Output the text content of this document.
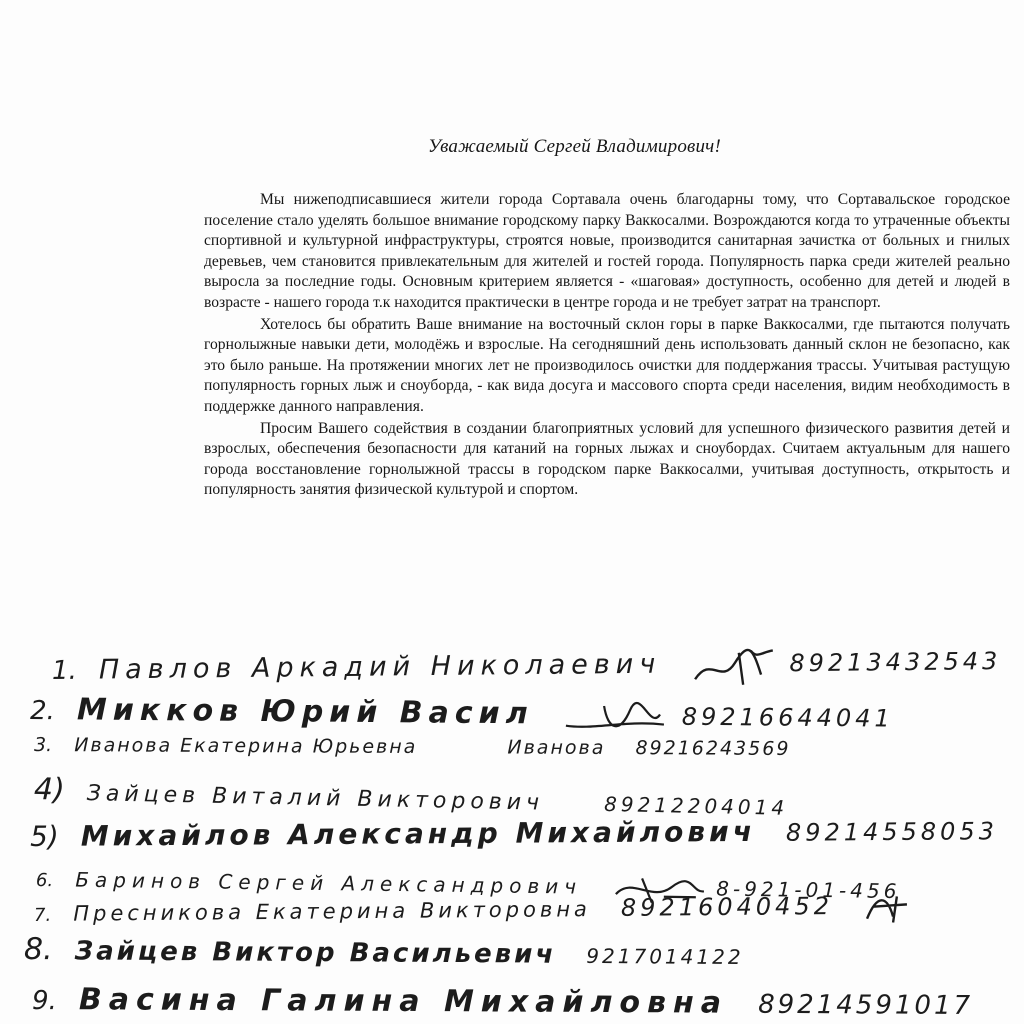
Уважаемый Сергей Владимирович!

Мы нижеподписавшиеся жители города Сортавала очень благодарны тому, что Сортавальское городское поселение стало уделять большое внимание городскому парку Ваккосалми. Возрождаются когда то утраченные объекты спортивной и культурной инфраструктуры, строятся новые, производится санитарная зачистка от больных и гнилых деревьев, чем становится привлекательным для жителей и гостей города. Популярность парка среди жителей реально выросла за последние годы. Основным критерием является - «шаговая» доступность, особенно для детей и людей в возрасте - нашего города т.к находится практически в центре города и не требует затрат на транспорт.

Хотелось бы обратить Ваше внимание на восточный склон горы в парке Ваккосалми, где пытаются получать горнолыжные навыки дети, молодёжь и взрослые. На сегодняшний день использовать данный склон не безопасно, как это было раньше. На протяжении многих лет не производилось очистки для поддержания трассы. Учитывая растущую популярность горных лыж и сноуборда, - как вида досуга и массового спорта среди населения, видим необходимость в поддержке данного направления.

Просим Вашего содействия в создании благоприятных условий для успешного физического развития детей и взрослых, обеспечения безопасности для катаний на горных лыжах и сноубордах. Считаем актуальным для нашего города восстановление горнолыжной трассы в городском парке Ваккосалми, учитывая доступность, открытость и популярность занятия физической культурой и спортом.

1. Павлов Аркадий Николаевич	89213432543
2. Микков Юрий Васил	89216644041
3. Иванова Екатерина Юрьевна	Иванова 89216243569
4) Зайцев Виталий Викторович	89212204014
5) Михайлов Александр Михайлович 89214558053
6. Баринов Сергей Александрович	8-921-01-456
7. Пресникова Екатерина Викторовна 89216040452
8. Зайцев Виктор Васильевич 9217014122
9. Васина Галина Михайловна 89214591017
